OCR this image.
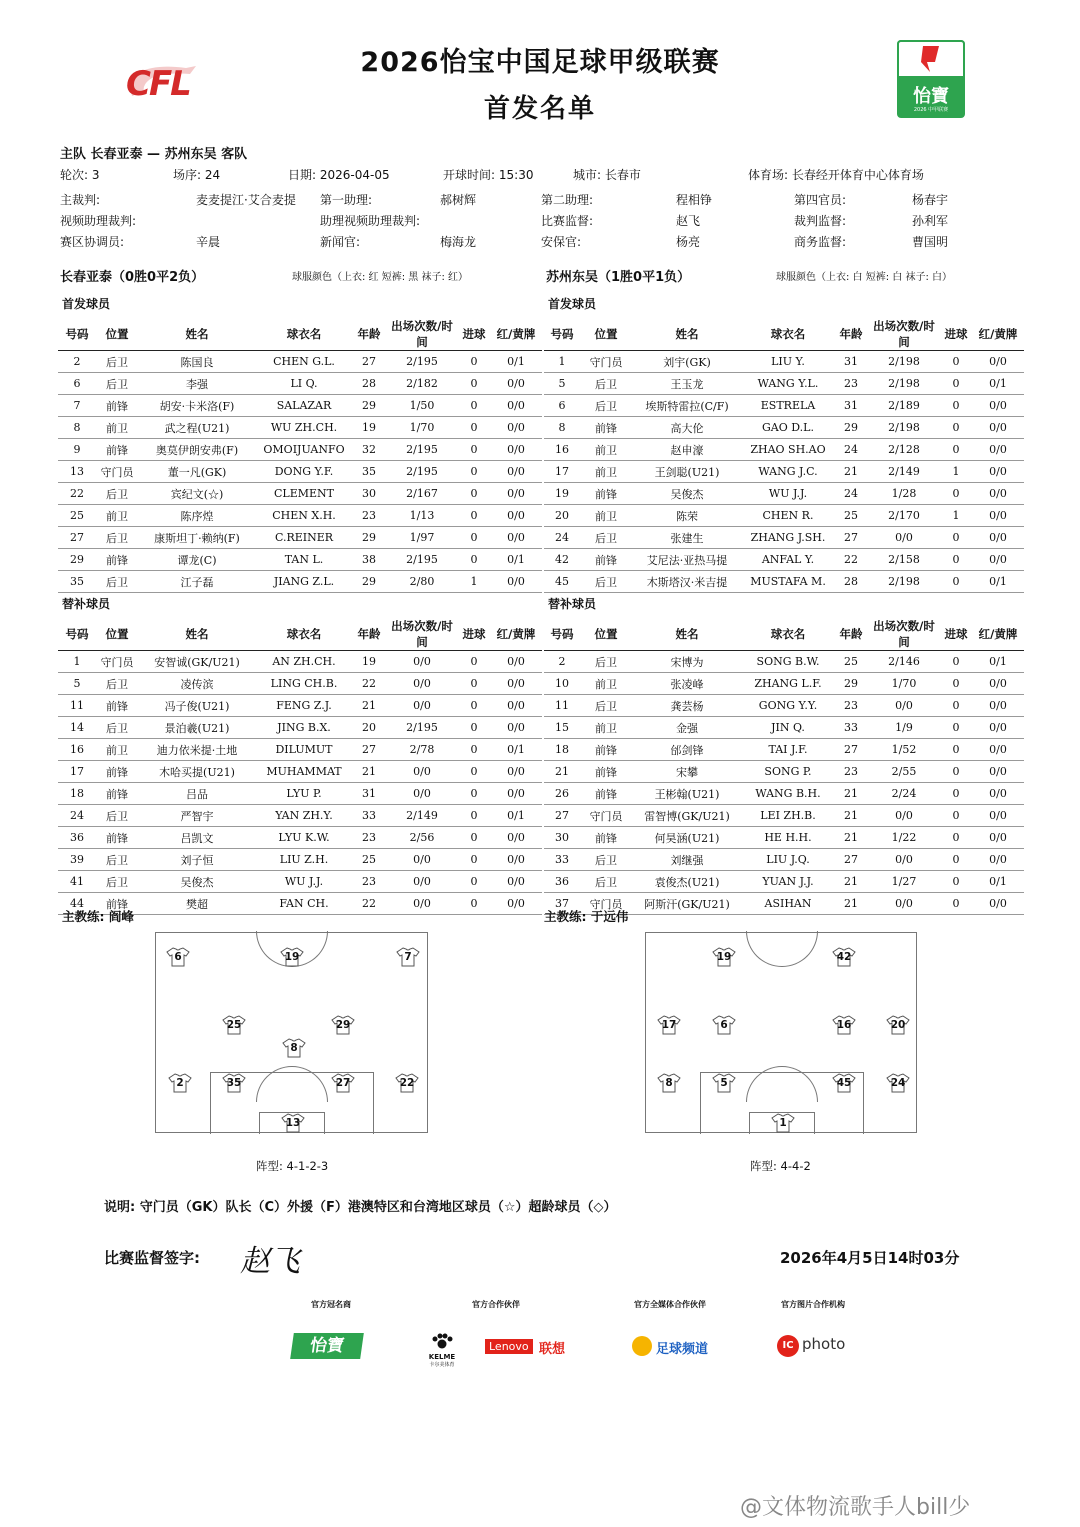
CFL
2026怡宝中国足球甲级联赛
首发名单	怡寶
2026 中甲联赛
主队 长春亚泰 — 苏州东吴 客队
轮次: 3	场序: 24	日期: 2026-04-05	开球时间: 15:30	城市: 长春市	体育场: 长春经开体育中心体育场
主裁判:	麦麦提江·艾合麦提 第一助理:	郝树辉	第二助理:	程相铮	第四官员:	杨春宇
视频助理裁判:	助理视频助理裁判:	比赛监督:	赵飞	裁判监督:	孙利军
赛区协调员:	辛晨	新闻官:	梅海龙	安保官:	杨亮	商务监督:	曹国明
长春亚泰（0胜0平2负）	球服颜色（上衣: 红 短裤: 黑 袜子: 红）	苏州东吴（1胜0平1负）	球服颜色（上衣: 白 短裤: 白 袜子: 白）
首发球员	首发球员
替补球员	替补球员
号码	位置	姓名	球衣名	年龄	出场次数/时间	进球	红/黄牌
2	后卫	陈国良	CHEN G.L.	27	2/195	0	0/1
6	后卫	李强	LI Q.	28	2/182	0	0/0
7	前锋	胡安·卡米洛(F)	SALAZAR	29	1/50	0	0/0
8	前卫	武之程(U21)	WU ZH.CH.	19	1/70	0	0/0
9	前锋	奥莫伊朗安弗(F)	OMOIJUANFO	32	2/195	0	0/0
13	守门员	董一凡(GK)	DONG Y.F.	35	2/195	0	0/0
22	后卫	宾纪文(☆)	CLEMENT	30	2/167	0	0/0
25	前卫	陈序煌	CHEN X.H.	23	1/13	0	0/0
27	后卫	康斯坦丁·赖纳(F)	C.REINER	29	1/97	0	0/0
29	前锋	谭龙(C)	TAN L.	38	2/195	0	0/1
35	后卫	江子磊	JIANG Z.L.	29	2/80	1	0/0
号码	位置	姓名	球衣名	年龄	出场次数/时间	进球	红/黄牌
1	守门员	刘宇(GK)	LIU Y.	31	2/198	0	0/0
5	后卫	王玉龙	WANG Y.L.	23	2/198	0	0/1
6	后卫	埃斯特雷拉(C/F)	ESTRELA	31	2/189	0	0/0
8	前锋	高大伦	GAO D.L.	29	2/198	0	0/0
16	前卫	赵申濠	ZHAO SH.AO	24	2/128	0	0/0
17	前卫	王剑聪(U21)	WANG J.C.	21	2/149	1	0/0
19	前锋	吴俊杰	WU J.J.	24	1/28	0	0/0
20	前卫	陈荣	CHEN R.	25	2/170	1	0/0
24	后卫	张建生	ZHANG J.SH.	27	0/0	0	0/0
42	前锋	艾尼法·亚热马提	ANFAL Y.	22	2/158	0	0/0
45	后卫	木斯塔汉·米吉提	MUSTAFA M.	28	2/198	0	0/1
号码	位置	姓名	球衣名	年龄	出场次数/时间	进球	红/黄牌
1	守门员	安智诚(GK/U21)	AN ZH.CH.	19	0/0	0	0/0
5	后卫	凌传滨	LING CH.B.	22	0/0	0	0/0
11	前锋	冯子俊(U21)	FENG Z.J.	21	0/0	0	0/0
14	后卫	景泊羲(U21)	JING B.X.	20	2/195	0	0/0
16	前卫	迪力依米提·土地	DILUMUT	27	2/78	0	0/1
17	前锋	木哈买提(U21)	MUHAMMAT	21	0/0	0	0/0
18	前锋	吕品	LYU P.	31	0/0	0	0/0
24	后卫	严智宇	YAN ZH.Y.	33	2/149	0	0/1
36	前锋	吕凯文	LYU K.W.	23	2/56	0	0/0
39	后卫	刘子恒	LIU Z.H.	25	0/0	0	0/0
41	后卫	吴俊杰	WU J.J.	23	0/0	0	0/0
44	前锋	樊超	FAN CH.	22	0/0	0	0/0
号码	位置	姓名	球衣名	年龄	出场次数/时间	进球	红/黄牌
2	后卫	宋博为	SONG B.W.	25	2/146	0	0/1
10	前卫	张凌峰	ZHANG L.F.	29	1/70	0	0/0
11	后卫	龚芸杨	GONG Y.Y.	23	0/0	0	0/0
15	前卫	金强	JIN Q.	33	1/9	0	0/0
18	前锋	邰剑锋	TAI J.F.	27	1/52	0	0/0
21	前锋	宋攀	SONG P.	23	2/55	0	0/0
26	前锋	王彬翰(U21)	WANG B.H.	21	2/24	0	0/0
27	守门员	雷智博(GK/U21)	LEI ZH.B.	21	0/0	0	0/0
30	前锋	何昊涵(U21)	HE H.H.	21	1/22	0	0/0
33	后卫	刘继强	LIU J.Q.	27	0/0	0	0/0
36	后卫	袁俊杰(U21)	YUAN J.J.	21	1/27	0	0/1
37	守门员	阿斯汗(GK/U21)	ASIHAN	21	0/0	0	0/0
主教练: 阎峰	主教练: 于远伟
6	19	7
25	29
8
2	35	27	22
13
19	42
17	6	16	20
8	5	45	24
1
阵型: 4-1-2-3	阵型: 4-4-2
说明: 守门员（GK）队长（C）外援（F）港澳特区和台湾地区球员（☆）超龄球员（◇）
比赛监督签字: 赵飞	2026年4月5日14时03分
官方冠名商	官方合作伙伴	官方全媒体合作伙伴	官方图片合作机构
怡寶
KELME
卡尔美体育
Lenovo 联想	足球频道	IC photo
@文体物流歌手人bill少
